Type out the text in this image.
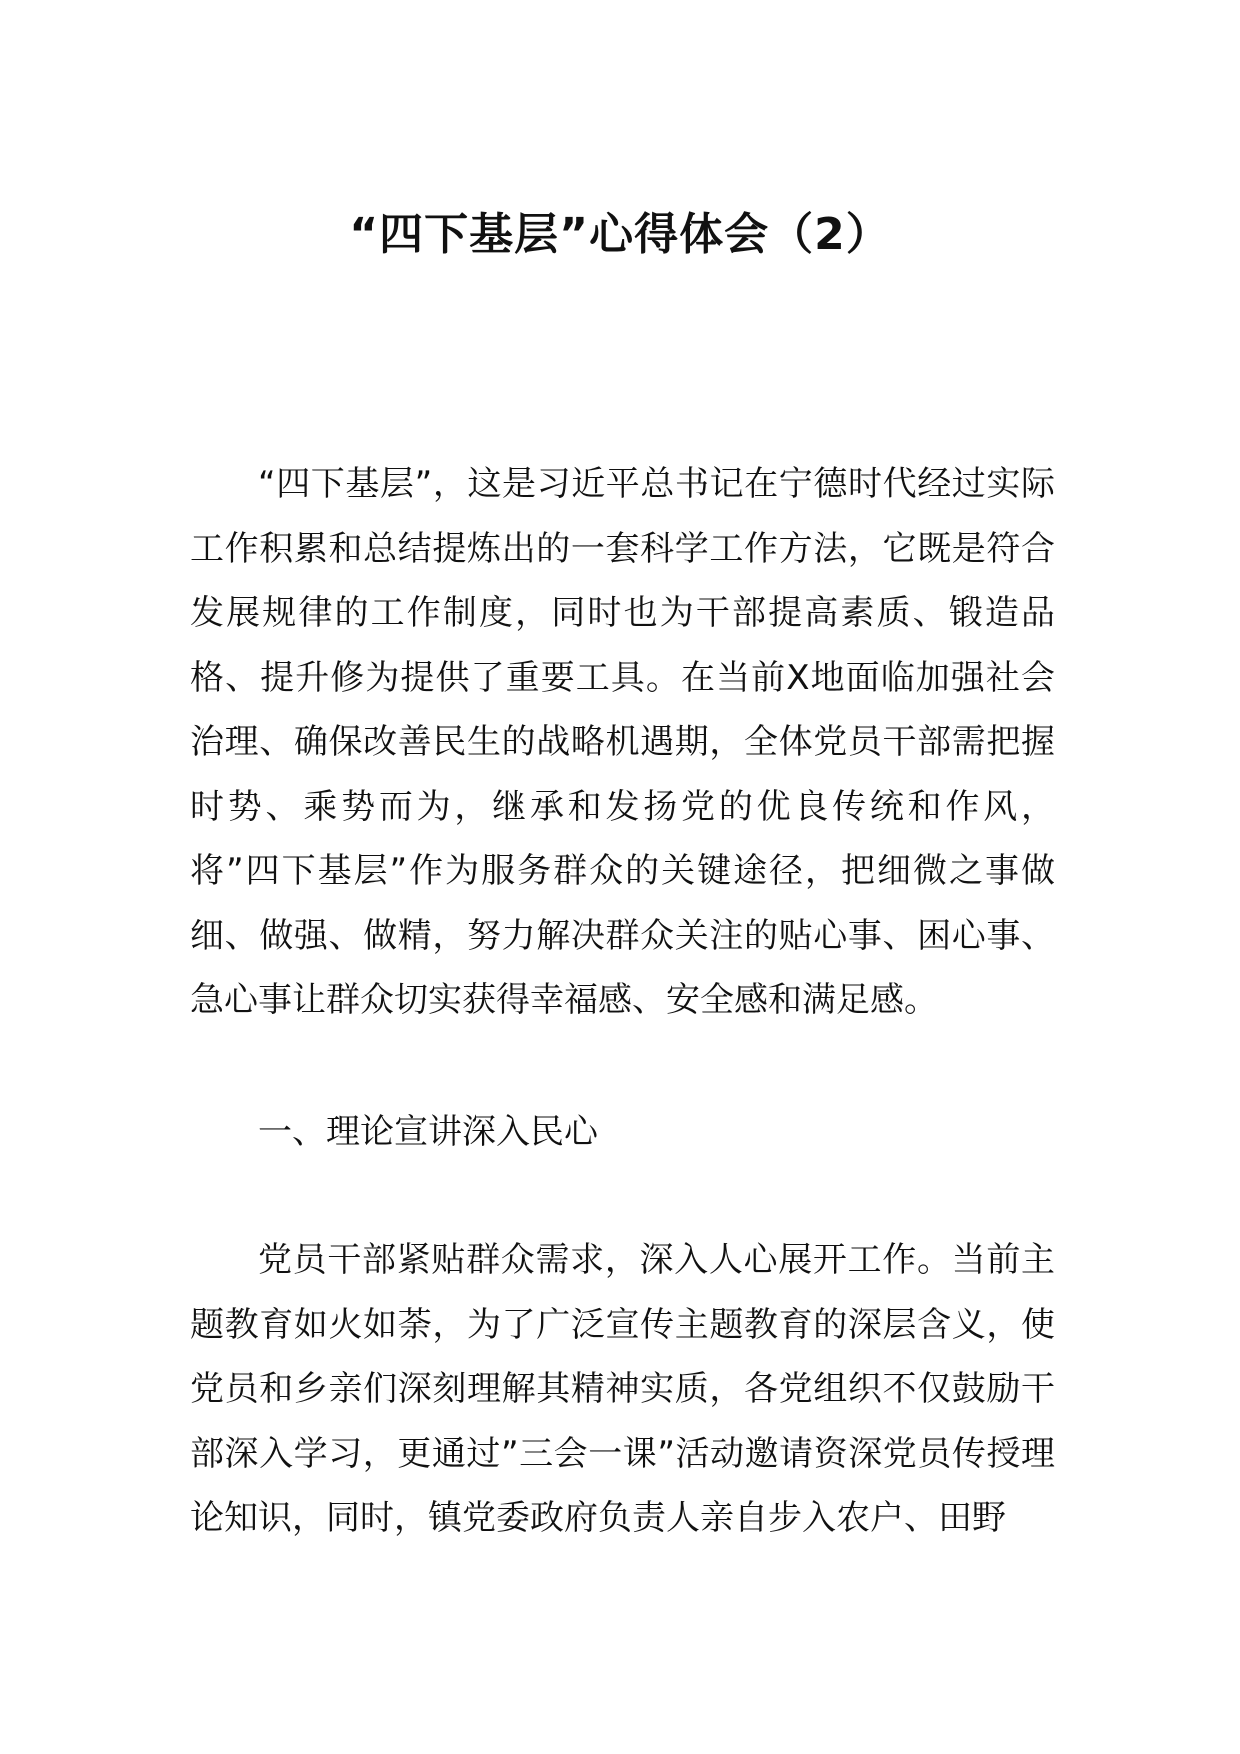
“四下基层”心得体会（2）
“四下基层”，这是习近平总书记在宁德时代经过实际工作积累和总结提炼出的一套科学工作方法，它既是符合发展规律的工作制度，同时也为干部提高素质、锻造品格、提升修为提供了重要工具。在当前X地面临加强社会治理、确保改善民生的战略机遇期，全体党员干部需把握时势、乘势而为，继承和发扬党的优良传统和作风，将”四下基层”作为服务群众的关键途径，把细微之事做细、做强、做精，努力解决群众关注的贴心事、困心事、急心事让群众切实获得幸福感、安全感和满足感。
一、理论宣讲深入民心
党员干部紧贴群众需求，深入人心展开工作。当前主题教育如火如荼，为了广泛宣传主题教育的深层含义，使党员和乡亲们深刻理解其精神实质，各党组织不仅鼓励干部深入学习，更通过”三会一课”活动邀请资深党员传授理论知识，同时，镇党委政府负责人亲自步入农户、田野
